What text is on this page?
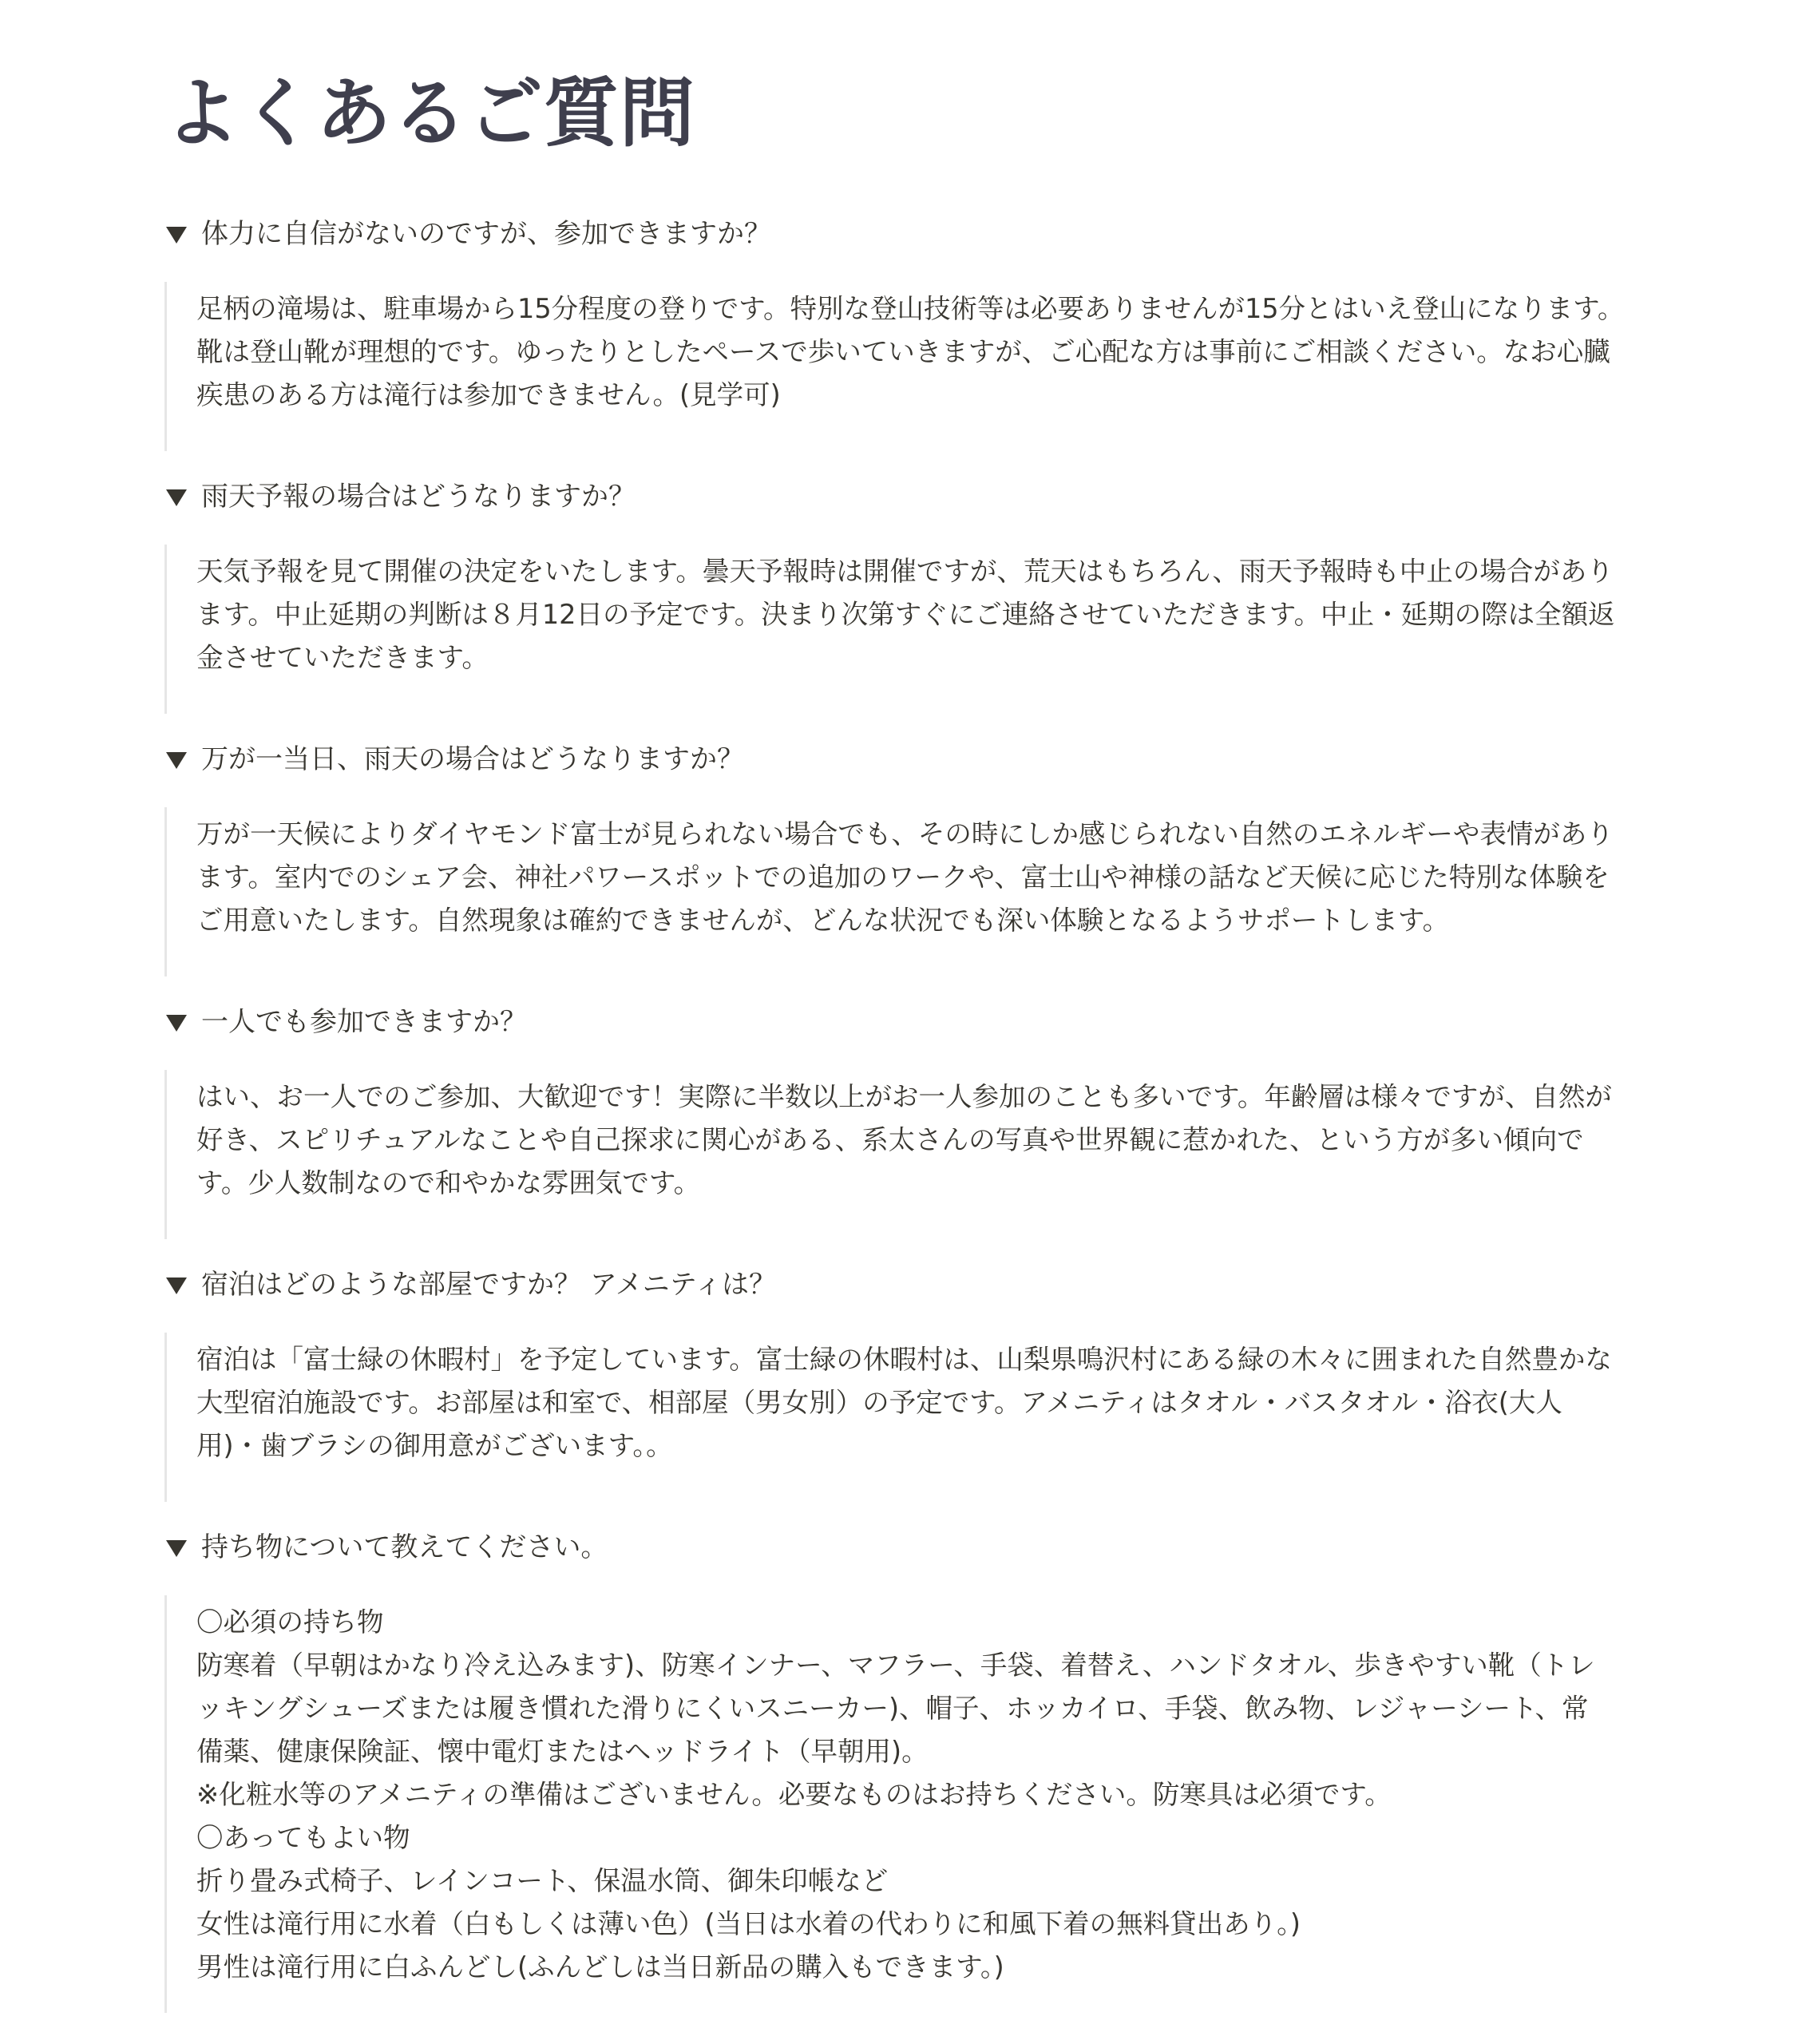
よくあるご質問
体力に自信がないのですが、参加できますか？
足柄の滝場は、駐車場から15分程度の登りです。特別な登山技術等は必要ありませんが15分とはいえ登山になります。
靴は登山靴が理想的です。ゆったりとしたペースで歩いていきますが、ご心配な方は事前にご相談ください。なお心臓
疾患のある方は滝行は参加できません。(見学可)
雨天予報の場合はどうなりますか？
天気予報を見て開催の決定をいたします。曇天予報時は開催ですが、荒天はもちろん、雨天予報時も中止の場合があり
ます。中止延期の判断は８月12日の予定です。決まり次第すぐにご連絡させていただきます。中止・延期の際は全額返
金させていただきます。
万が一当日、雨天の場合はどうなりますか？
万が一天候によりダイヤモンド富士が見られない場合でも、その時にしか感じられない自然のエネルギーや表情があり
ます。室内でのシェア会、神社パワースポットでの追加のワークや、富士山や神様の話など天候に応じた特別な体験を
ご用意いたします。自然現象は確約できませんが、どんな状況でも深い体験となるようサポートします。
一人でも参加できますか？
はい、お一人でのご参加、大歓迎です！実際に半数以上がお一人参加のことも多いです。年齢層は様々ですが、自然が
好き、スピリチュアルなことや自己探求に関心がある、系太さんの写真や世界観に惹かれた、という方が多い傾向で
す。少人数制なので和やかな雰囲気です。
宿泊はどのような部屋ですか？ アメニティは？
宿泊は「富士緑の休暇村」を予定しています。富士緑の休暇村は、山梨県鳴沢村にある緑の木々に囲まれた自然豊かな
大型宿泊施設です。お部屋は和室で、相部屋（男女別）の予定です。アメニティはタオル・バスタオル・浴衣(大人
用)・歯ブラシの御用意がございます。。
持ち物について教えてください。
〇必須の持ち物
防寒着（早朝はかなり冷え込みます)、防寒インナー、マフラー、手袋、着替え、ハンドタオル、歩きやすい靴（トレ
ッキングシューズまたは履き慣れた滑りにくいスニーカー)、帽子、ホッカイロ、手袋、飲み物、レジャーシート、常
備薬、健康保険証、懐中電灯またはヘッドライト（早朝用)。
※化粧水等のアメニティの準備はございません。必要なものはお持ちください。防寒具は必須です。
〇あってもよい物
折り畳み式椅子、レインコート、保温水筒、御朱印帳など
女性は滝行用に水着（白もしくは薄い色）(当日は水着の代わりに和風下着の無料貸出あり。)
男性は滝行用に白ふんどし(ふんどしは当日新品の購入もできます。)
